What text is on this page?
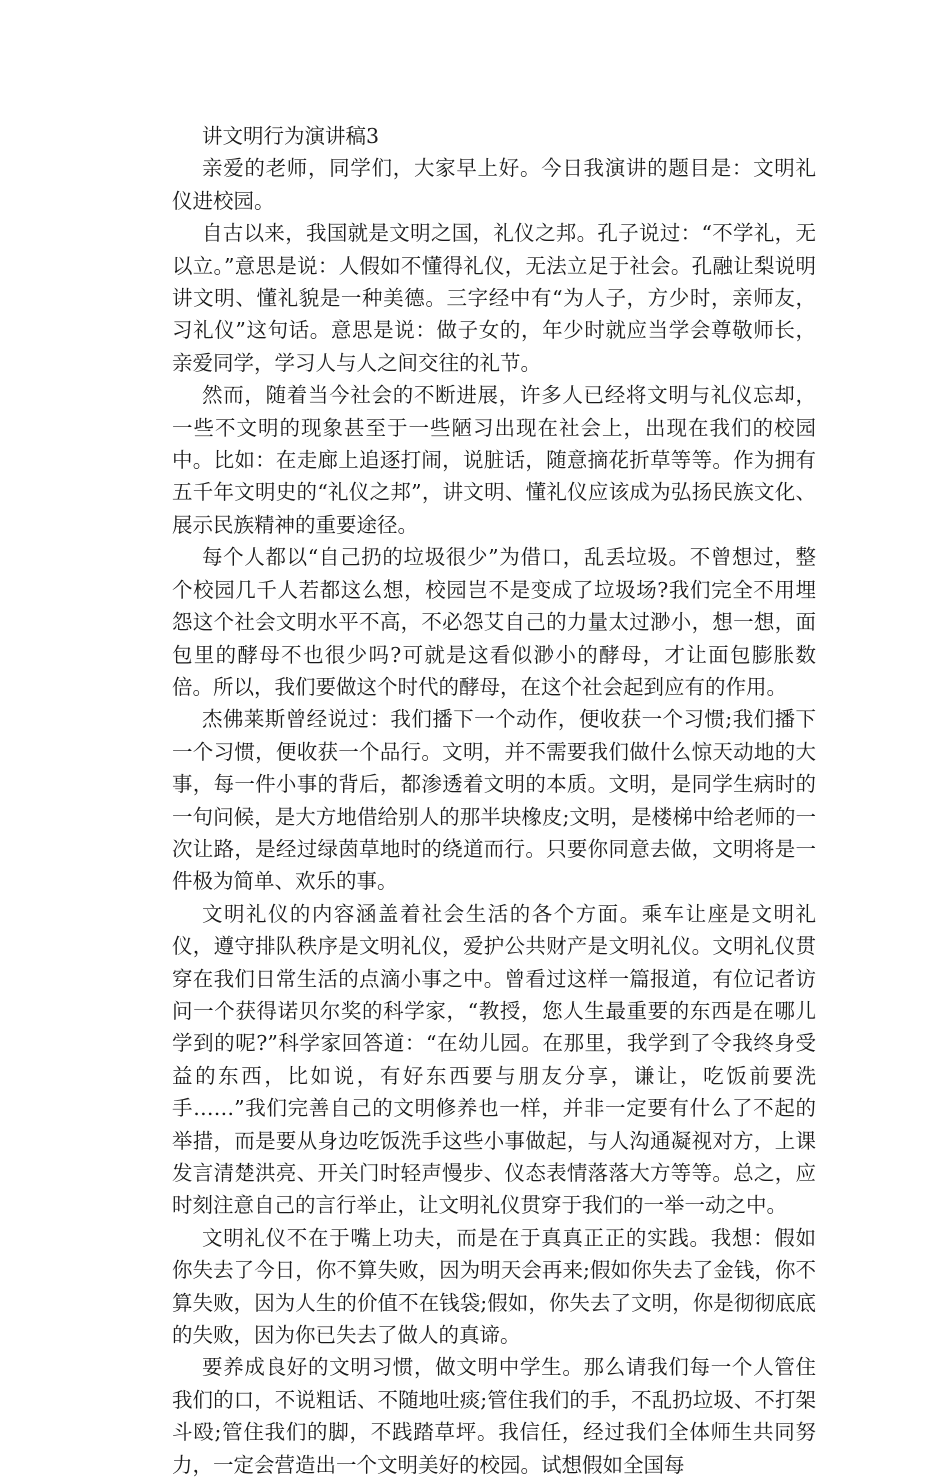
讲文明行为演讲稿3

亲爱的老师，同学们，大家早上好。今日我演讲的题目是：文明礼仪进校园。

自古以来，我国就是文明之国，礼仪之邦。孔子说过：“不学礼，无以立。”意思是说：人假如不懂得礼仪，无法立足于社会。孔融让梨说明讲文明、懂礼貌是一种美德。三字经中有“为人子，方少时，亲师友，习礼仪”这句话。意思是说：做子女的，年少时就应当学会尊敬师长，亲爱同学，学习人与人之间交往的礼节。

然而，随着当今社会的不断进展，许多人已经将文明与礼仪忘却，一些不文明的现象甚至于一些陋习出现在社会上，出现在我们的校园中。比如：在走廊上追逐打闹，说脏话，随意摘花折草等等。作为拥有五千年文明史的“礼仪之邦”，讲文明、懂礼仪应该成为弘扬民族文化、展示民族精神的重要途径。

每个人都以“自己扔的垃圾很少”为借口，乱丢垃圾。不曾想过，整个校园几千人若都这么想，校园岂不是变成了垃圾场?我们完全不用埋怨这个社会文明水平不高，不必怨艾自己的力量太过渺小，想一想，面包里的酵母不也很少吗?可就是这看似渺小的酵母，才让面包膨胀数倍。所以，我们要做这个时代的酵母，在这个社会起到应有的作用。

杰佛莱斯曾经说过：我们播下一个动作，便收获一个习惯;我们播下一个习惯，便收获一个品行。文明，并不需要我们做什么惊天动地的大事，每一件小事的背后，都渗透着文明的本质。文明，是同学生病时的一句问候，是大方地借给别人的那半块橡皮;文明，是楼梯中给老师的一次让路，是经过绿茵草地时的绕道而行。只要你同意去做，文明将是一件极为简单、欢乐的事。

文明礼仪的内容涵盖着社会生活的各个方面。乘车让座是文明礼仪，遵守排队秩序是文明礼仪，爱护公共财产是文明礼仪。文明礼仪贯穿在我们日常生活的点滴小事之中。曾看过这样一篇报道，有位记者访问一个获得诺贝尔奖的科学家，“教授，您人生最重要的东西是在哪儿学到的呢?”科学家回答道：“在幼儿园。在那里，我学到了令我终身受益的东西，比如说，有好东西要与朋友分享，谦让，吃饭前要洗手……”我们完善自己的文明修养也一样，并非一定要有什么了不起的举措，而是要从身边吃饭洗手这些小事做起，与人沟通凝视对方，上课发言清楚洪亮、开关门时轻声慢步、仪态表情落落大方等等。总之，应时刻注意自己的言行举止，让文明礼仪贯穿于我们的一举一动之中。

文明礼仪不在于嘴上功夫，而是在于真真正正的实践。我想：假如你失去了今日，你不算失败，因为明天会再来;假如你失去了金钱，你不算失败，因为人生的价值不在钱袋;假如，你失去了文明，你是彻彻底底的失败，因为你已失去了做人的真谛。

要养成良好的文明习惯，做文明中学生。那么请我们每一个人管住我们的口，不说粗话、不随地吐痰;管住我们的手，不乱扔垃圾、不打架斗殴;管住我们的脚，不践踏草坪。我信任，经过我们全体师生共同努力，一定会营造出一个文明美好的校园。试想假如全国每
